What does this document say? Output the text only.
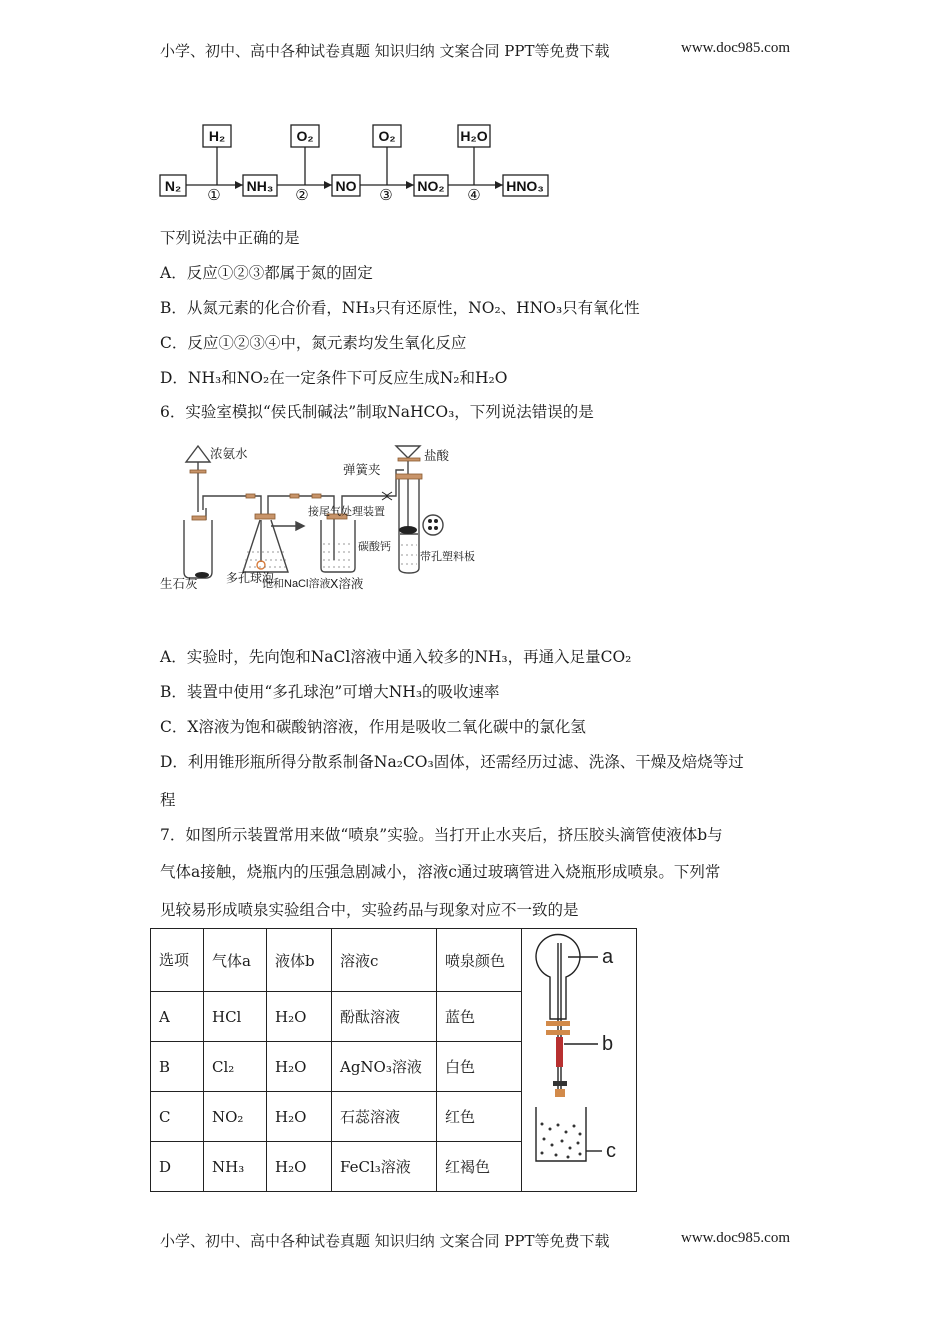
小学、初中、高中各种试卷真题 知识归纳 文案合同 PPT等免费下载	www.doc985.com
N₂	NH₃	NO	NO₂	HNO₃
H₂	O₂	O₂	H₂O
①	②	③	④
下列说法中正确的是
A．反应①②③都属于氮的固定
B．从氮元素的化合价看，NH₃只有还原性，NO₂、HNO₃只有氧化性
C．反应①②③④中，氮元素均发生氧化反应
D．NH₃和NO₂在一定条件下可反应生成N₂和H₂O
6．实验室模拟“侯氏制碱法”制取NaHCO₃，下列说法错误的是
浓氨水
生石灰 多孔球泡
饱和NaCl溶液
接尾气处理装置
X溶液
弹簧夹
盐酸
碳酸钙
带孔塑料板
A．实验时，先向饱和NaCl溶液中通入较多的NH₃，再通入足量CO₂
B．装置中使用“多孔球泡”可增大NH₃的吸收速率
C．X溶液为饱和碳酸钠溶液，作用是吸收二氧化碳中的氯化氢
D．利用锥形瓶所得分散系制备Na₂CO₃固体，还需经历过滤、洗涤、干燥及焙烧等过
程
7．如图所示装置常用来做“喷泉”实验。当打开止水夹后，挤压胶头滴管使液体b与
气体a接触，烧瓶内的压强急剧减小，溶液c通过玻璃管进入烧瓶形成喷泉。下列常
见较易形成喷泉实验组合中，实验药品与现象对应不一致的是
选项	气体a	液体b	溶液c	喷泉颜色	a
b
c

A	HCl	H₂O	酚酞溶液	蓝色	
B	Cl₂	H₂O	AgNO₃溶液	白色	
C	NO₂	H₂O	石蕊溶液	红色	
D	NH₃	H₂O	FeCl₃溶液	红褐色	
小学、初中、高中各种试卷真题 知识归纳 文案合同 PPT等免费下载	www.doc985.com
